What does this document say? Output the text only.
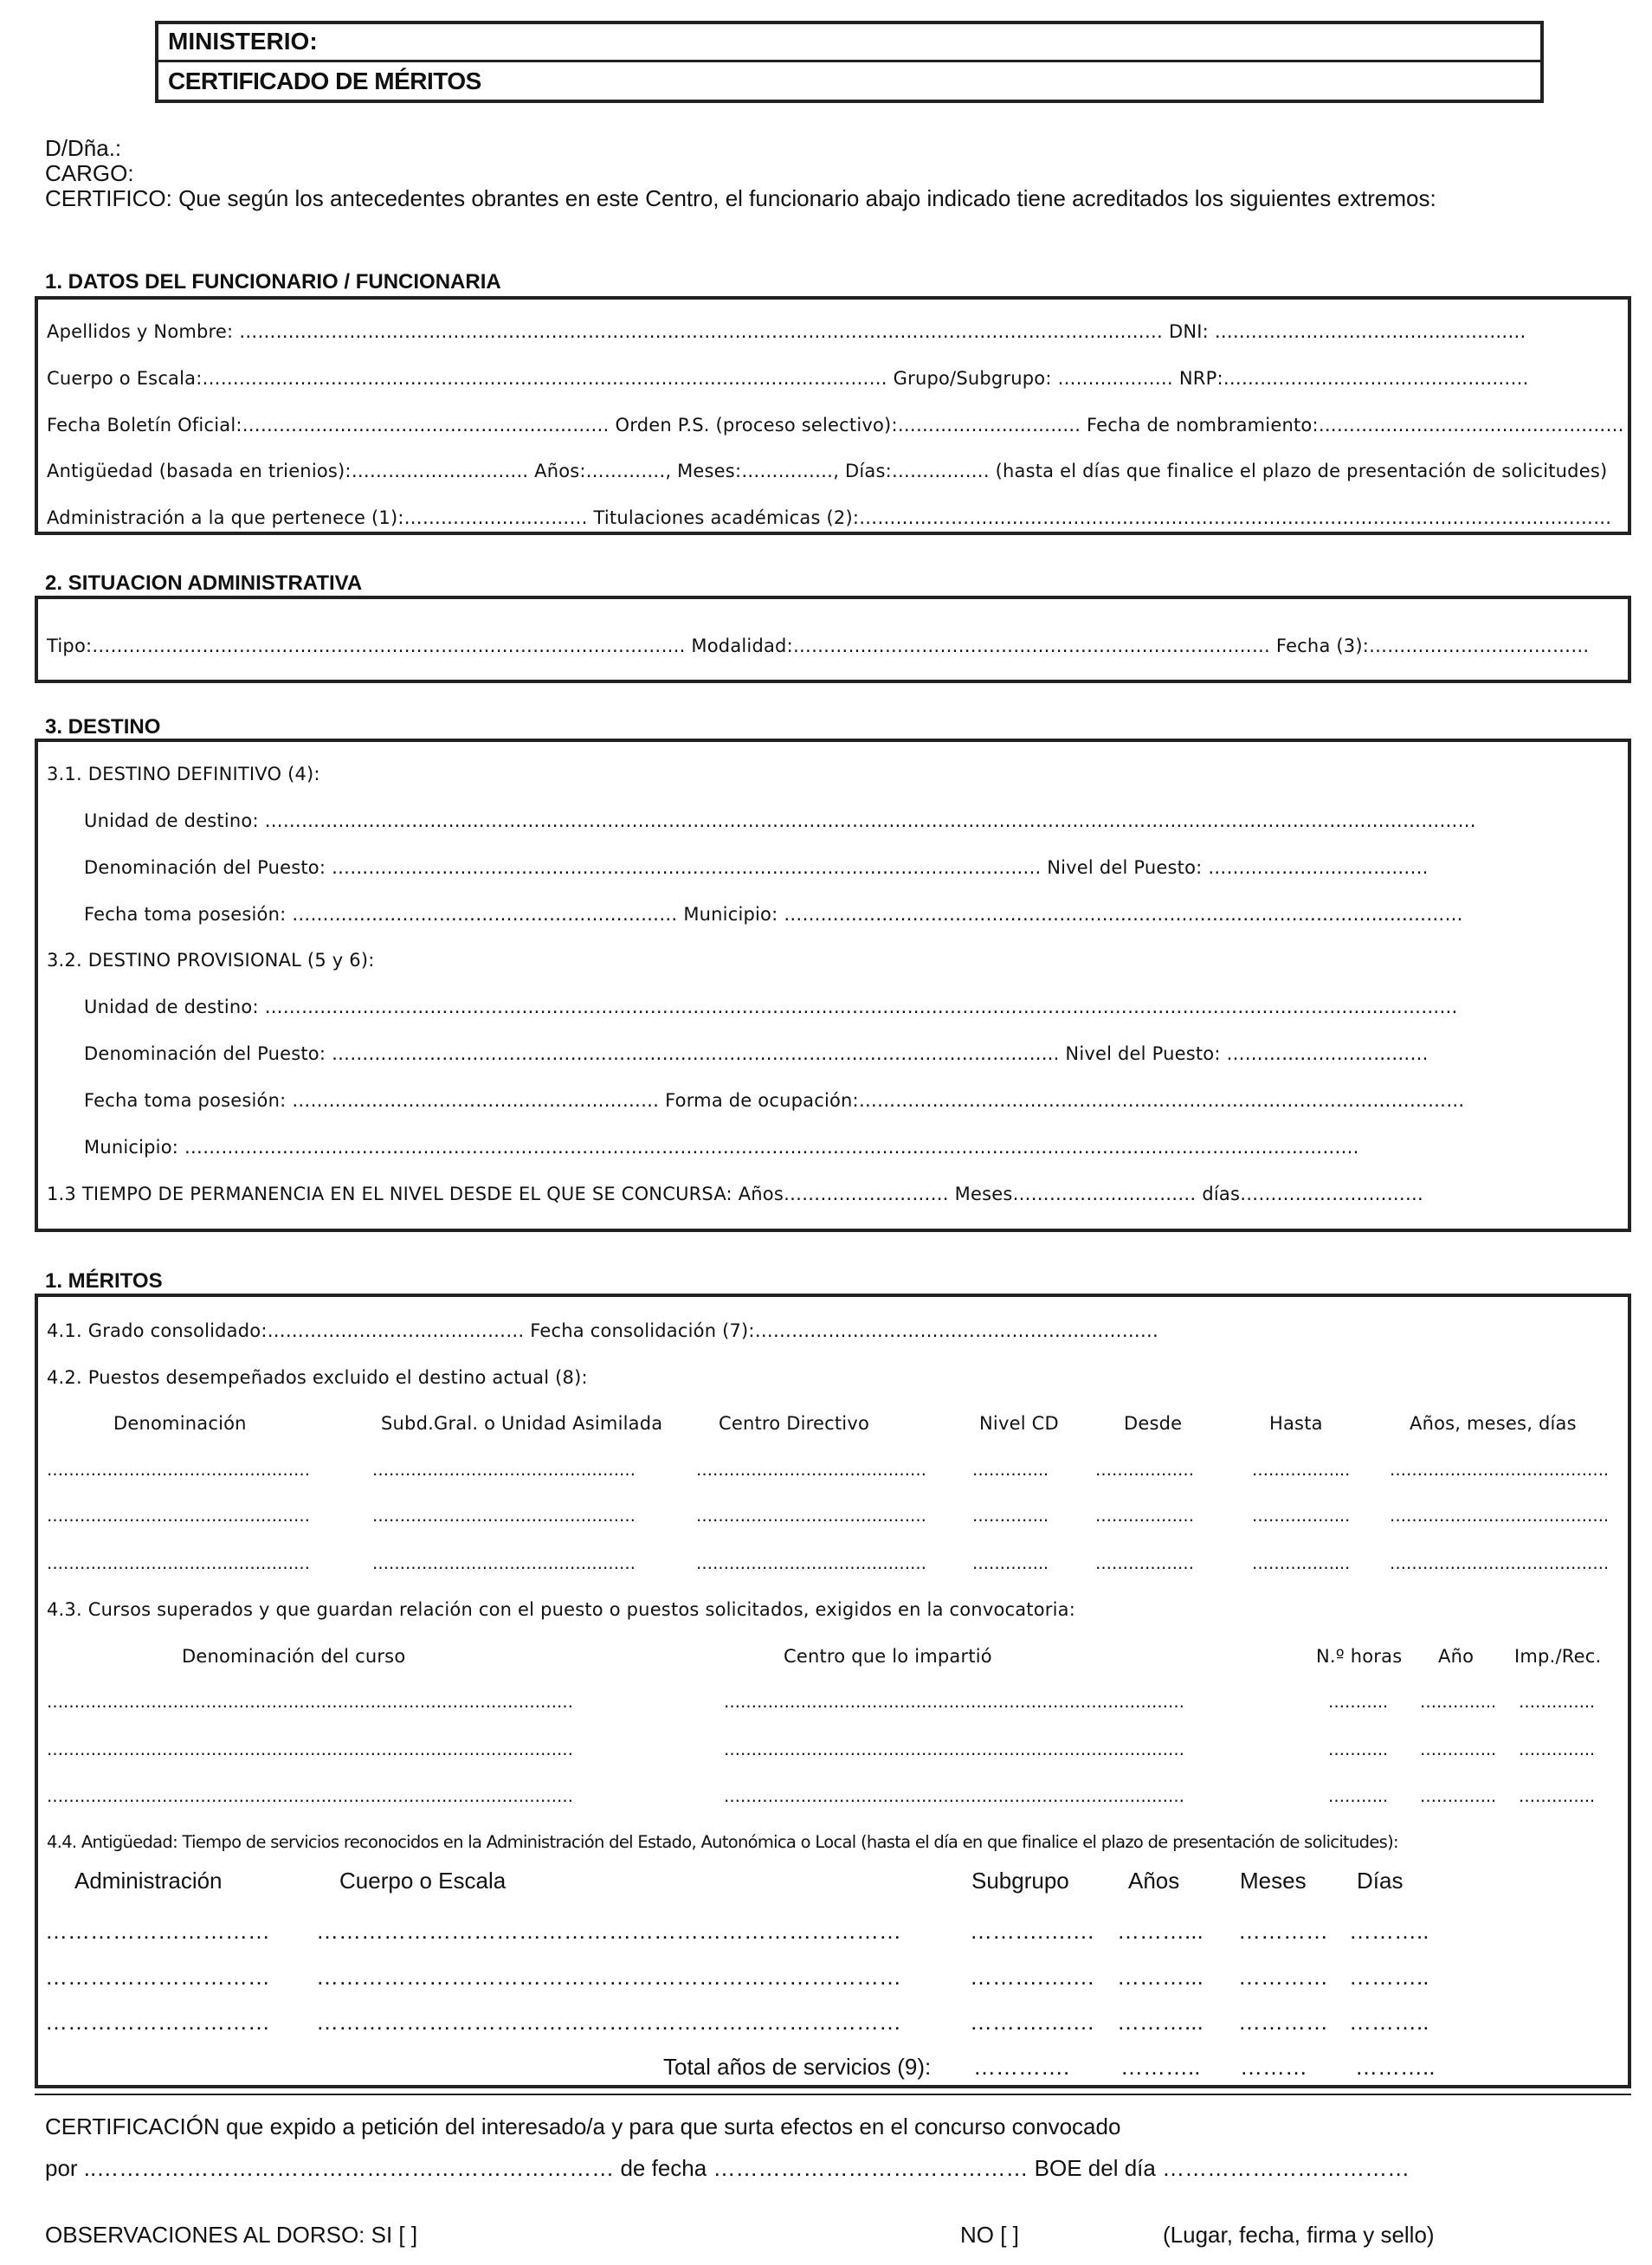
MINISTERIO:
CERTIFICADO DE MÉRITOS
D/Dña.:
CARGO:
CERTIFICO: Que según los antecedentes obrantes en este Centro, el funcionario abajo indicado tiene acreditados los siguientes extremos:
1. DATOS DEL FUNCIONARIO / FUNCIONARIA
Apellidos y Nombre: …………………………………………………………………………………………………………………………….……… DNI: …..……………………………….………
Cuerpo o Escala:………………………………………………………………………….……………………… Grupo/Subgrupo: …..…..……… NRP:……………………….…………….……
Fecha Boletín Oficial:…………………………………………………… Orden P.S. (proceso selectivo):……………….……….. Fecha de nombramiento:………………………….………….……
Antigüedad (basada en trienios):……………………….. Años:…………., Meses:……………, Días:……………. (hasta el días que finalice el plazo de presentación de solicitudes)
Administración a la que pertenece (1):………………………… Titulaciones académicas (2):……………………………………………………………………………………………………………
2. SITUACION ADMINISTRATIVA
Tipo:……………………………………………………………………………………. Modalidad:…………………………………………………………………… Fecha (3):………………………………
3. DESTINO
3.1. DESTINO DEFINITIVO (4):
Unidad de destino: ………………………………………………………………………………………………………………………………………………………………………………
Denominación del Puesto: …………………………………………………………………………………………………….. Nivel del Puesto: ………………………………
Fecha toma posesión: ……………………………………………………… Municipio: …………………………………………………………………………………………………
3.2. DESTINO PROVISIONAL (5 y 6):
Unidad de destino: ……………………………………………………………………………………………………………………………………………………………………………
Denominación del Puesto: ……………………………………………………………………………………………………….. Nivel del Puesto: ……………………………
Fecha toma posesión: …………………………………………………… Forma de ocupación:………………………………………………………………………………………
Municipio: …………………………………………………………………………………………………………………………………………………………………………
1.3 TIEMPO DE PERMANENCIA EN EL NIVEL DESDE EL QUE SE CONCURSA: Años……………………… Meses………………………… días…………………………
1. MÉRITOS
4.1. Grado consolidado:…………………………………… Fecha consolidación (7):…………………………………………………………
4.2. Puestos desempeñados excluido el destino actual (8):
Denominación	Subd.Gral. o Unidad Asimilada	Centro Directivo	Nivel CD	Desde	Hasta	Años, meses, días
…………………………………………	…………………………………………	……………………………………	…………..	………………	……………... ………………………………….
…………………………………………	…………………………………………	……………………………………	…………..	………………	……………... ………………………………….
…………………………………………	…………………………………………	……………………………………	…………..	………………	……………... ………………………………….
4.3. Cursos superados y que guardan relación con el puesto o puestos solicitados, exigidos en la convocatoria:
Denominación del curso	Centro que lo impartió	N.º horas Año Imp./Rec.
……………………………………………………………………………………	…………………………………………………………………………	……….. ………….. …………..
……………………………………………………………………………………	…………………………………………………………………………	……….. ………….. …………..
……………………………………………………………………………………	…………………………………………………………………………	……….. ………….. …………..
4.4. Antigüedad: Tiempo de servicios reconocidos en la Administración del Estado, Autonómica o Local (hasta el día en que finalice el plazo de presentación de solicitudes):
Administración	Cuerpo o Escala	Subgrupo	Años	Meses Días
………………………… ……………………………………………………………………	……….….… ………... ………… ………..
………………………… ……………………………………………………………………	……….….… ………... ………… ………..
………………………… ……………………………………………………………………	……….….… ………... ………… ………..
Total años de servicios (9): …………. ……….. ……… ………..
CERTIFICACIÓN que expido a petición del interesado/a y para que surta efectos en el concurso convocado
por ..…………………………………………………………… de fecha …………………………………… BOE del día ……………………………
OBSERVACIONES AL DORSO: SI [ ]	NO [ ]	(Lugar, fecha, firma y sello)
